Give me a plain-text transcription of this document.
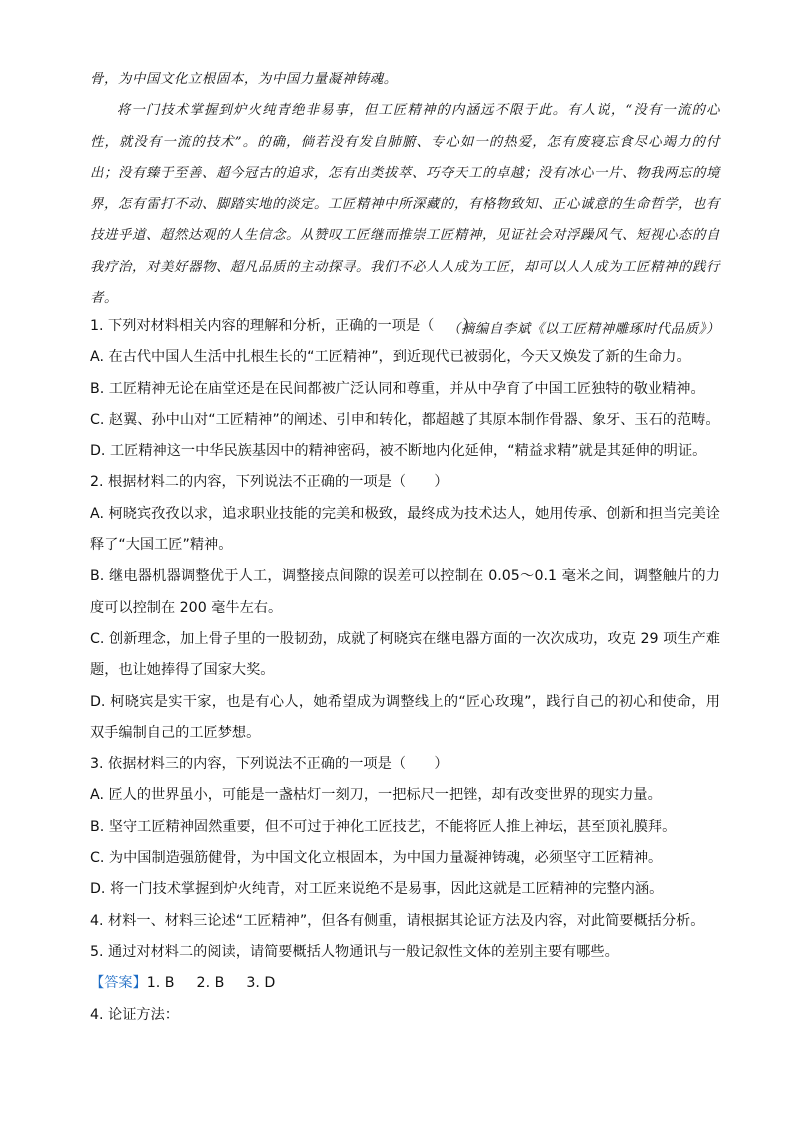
骨，为中国文化立根固本，为中国力量凝神铸魂。

将一门技术掌握到炉火纯青绝非易事，但工匠精神的内涵远不限于此。有人说，“没有一流的心性，就没有一流的技术”。的确，倘若没有发自肺腑、专心如一的热爱，怎有废寝忘食尽心竭力的付出；没有臻于至善、超今冠古的追求，怎有出类拔萃、巧夺天工的卓越；没有冰心一片、物我两忘的境界，怎有雷打不动、脚踏实地的淡定。工匠精神中所深藏的，有格物致知、正心诚意的生命哲学，也有技进乎道、超然达观的人生信念。从赞叹工匠继而推崇工匠精神，见证社会对浮躁风气、短视心态的自我疗治，对美好器物、超凡品质的主动探寻。我们不必人人成为工匠，却可以人人成为工匠精神的践行者。

（摘编自李斌《以工匠精神雕琢时代品质》）

1. 下列对材料相关内容的理解和分析，正确的一项是（　　）

A. 在古代中国人生活中扎根生长的“工匠精神”，到近现代已被弱化，今天又焕发了新的生命力。

B. 工匠精神无论在庙堂还是在民间都被广泛认同和尊重，并从中孕育了中国工匠独特的敬业精神。

C. 赵翼、孙中山对“工匠精神”的阐述、引申和转化，都超越了其原本制作骨器、象牙、玉石的范畴。

D. 工匠精神这一中华民族基因中的精神密码，被不断地内化延伸，“精益求精”就是其延伸的明证。

2. 根据材料二的内容，下列说法不正确的一项是（　　）

A. 柯晓宾孜孜以求，追求职业技能的完美和极致，最终成为技术达人，她用传承、创新和担当完美诠释了“大国工匠”精神。

B. 继电器机器调整优于人工，调整接点间隙的误差可以控制在 0.05～0.1 毫米之间，调整触片的力度可以控制在 200 毫牛左右。

C. 创新理念，加上骨子里的一股韧劲，成就了柯晓宾在继电器方面的一次次成功，攻克 29 项生产难题，也让她捧得了国家大奖。

D. 柯晓宾是实干家，也是有心人，她希望成为调整线上的“匠心玫瑰”，践行自己的初心和使命，用双手编制自己的工匠梦想。

3. 依据材料三的内容，下列说法不正确的一项是（　　）

A. 匠人的世界虽小，可能是一盏枯灯一刻刀，一把标尺一把锉，却有改变世界的现实力量。

B. 坚守工匠精神固然重要，但不可过于神化工匠技艺，不能将匠人推上神坛，甚至顶礼膜拜。

C. 为中国制造强筋健骨，为中国文化立根固本，为中国力量凝神铸魂，必须坚守工匠精神。

D. 将一门技术掌握到炉火纯青，对工匠来说绝不是易事，因此这就是工匠精神的完整内涵。

4. 材料一、材料三论述“工匠精神”，但各有侧重，请根据其论证方法及内容，对此简要概括分析。

5. 通过对材料二的阅读，请简要概括人物通讯与一般记叙性文体的差别主要有哪些。

【答案】1. B 2. B 3. D

4. 论证方法：
